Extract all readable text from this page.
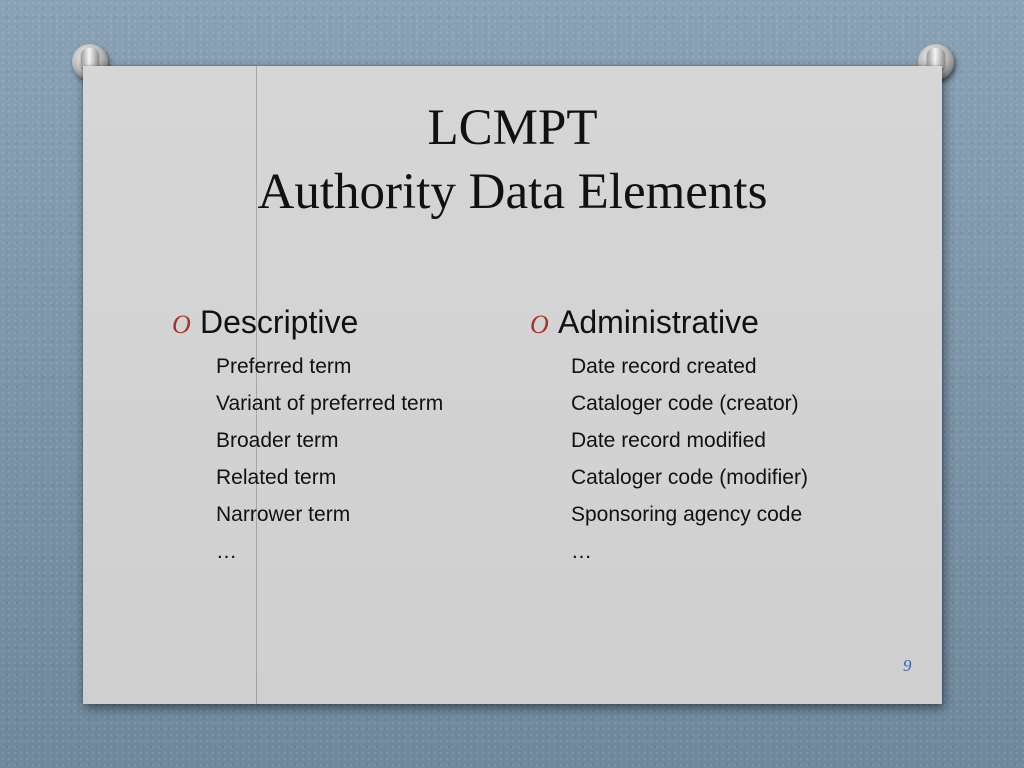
LCMPT
Authority Data Elements
O Descriptive
Preferred term
Variant of preferred term
Broader term
Related term
Narrower term
…
O Administrative
Date record created
Cataloger code (creator)
Date record modified
Cataloger code (modifier)
Sponsoring agency code
…
9
